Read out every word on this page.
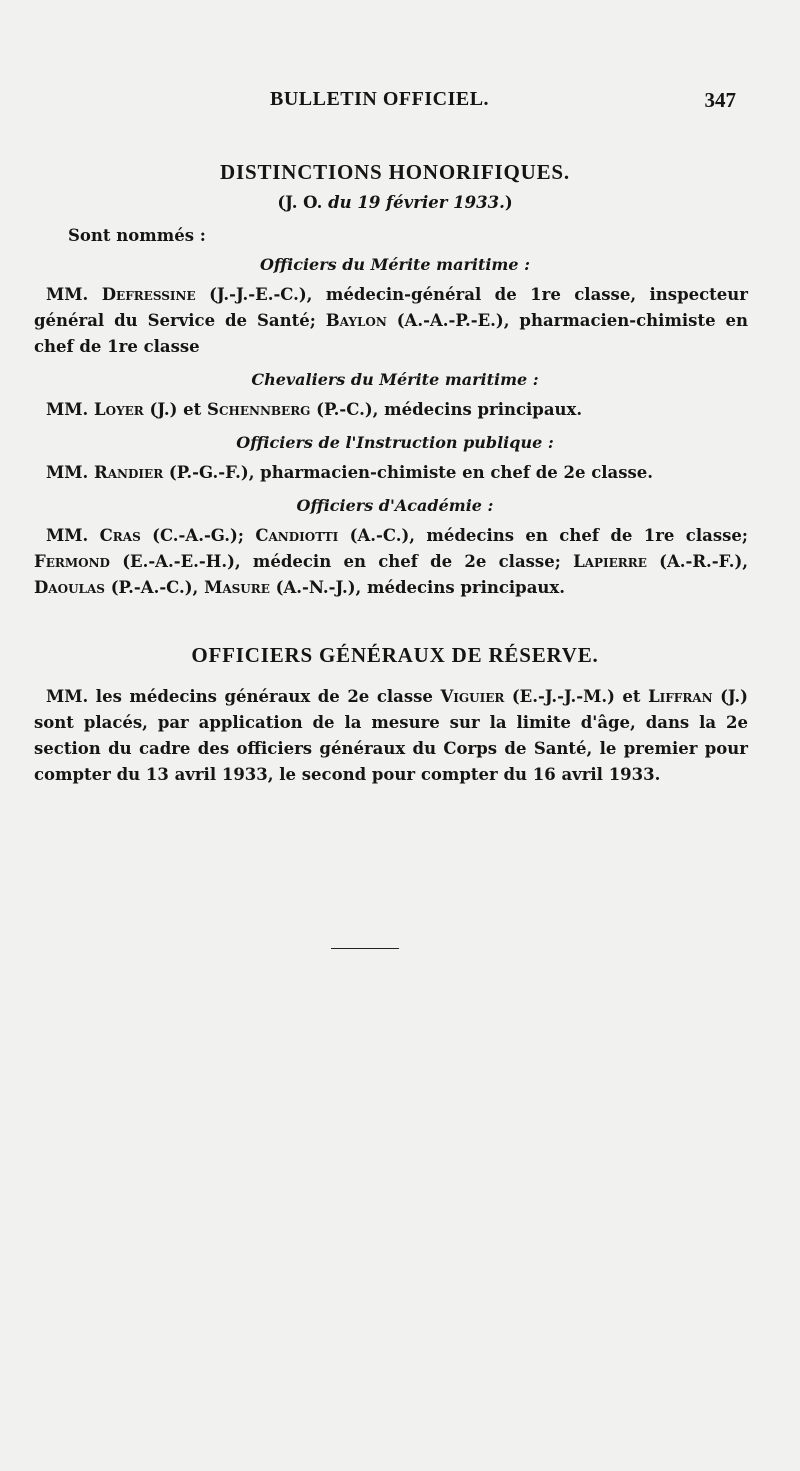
BULLETIN OFFICIEL.	347
DISTINCTIONS HONORIFIQUES.
(J. O. du 19 février 1933.)
Sont nommés :
Officiers du Mérite maritime :
MM. Defressine (J.-J.-E.-C.), médecin-général de 1re classe, inspecteur général du Service de Santé; Baylon (A.-A.-P.-E.), pharmacien-chimiste en chef de 1re classe
Chevaliers du Mérite maritime :
MM. Loyer (J.) et Schennberg (P.-C.), médecins principaux.
Officiers de l'Instruction publique :
MM. Randier (P.-G.-F.), pharmacien-chimiste en chef de 2e classe.
Officiers d'Académie :
MM. Cras (C.-A.-G.); Candiotti (A.-C.), médecins en chef de 1re classe; Fermond (E.-A.-E.-H.), médecin en chef de 2e classe; Lapierre (A.-R.-F.), Daoulas (P.-A.-C.), Masure (A.-N.-J.), médecins principaux.
OFFICIERS GÉNÉRAUX DE RÉSERVE.
MM. les médecins généraux de 2e classe Viguier (E.-J.-J.-M.) et Liffran (J.) sont placés, par application de la mesure sur la limite d'âge, dans la 2e section du cadre des officiers généraux du Corps de Santé, le premier pour compter du 13 avril 1933, le second pour compter du 16 avril 1933.
